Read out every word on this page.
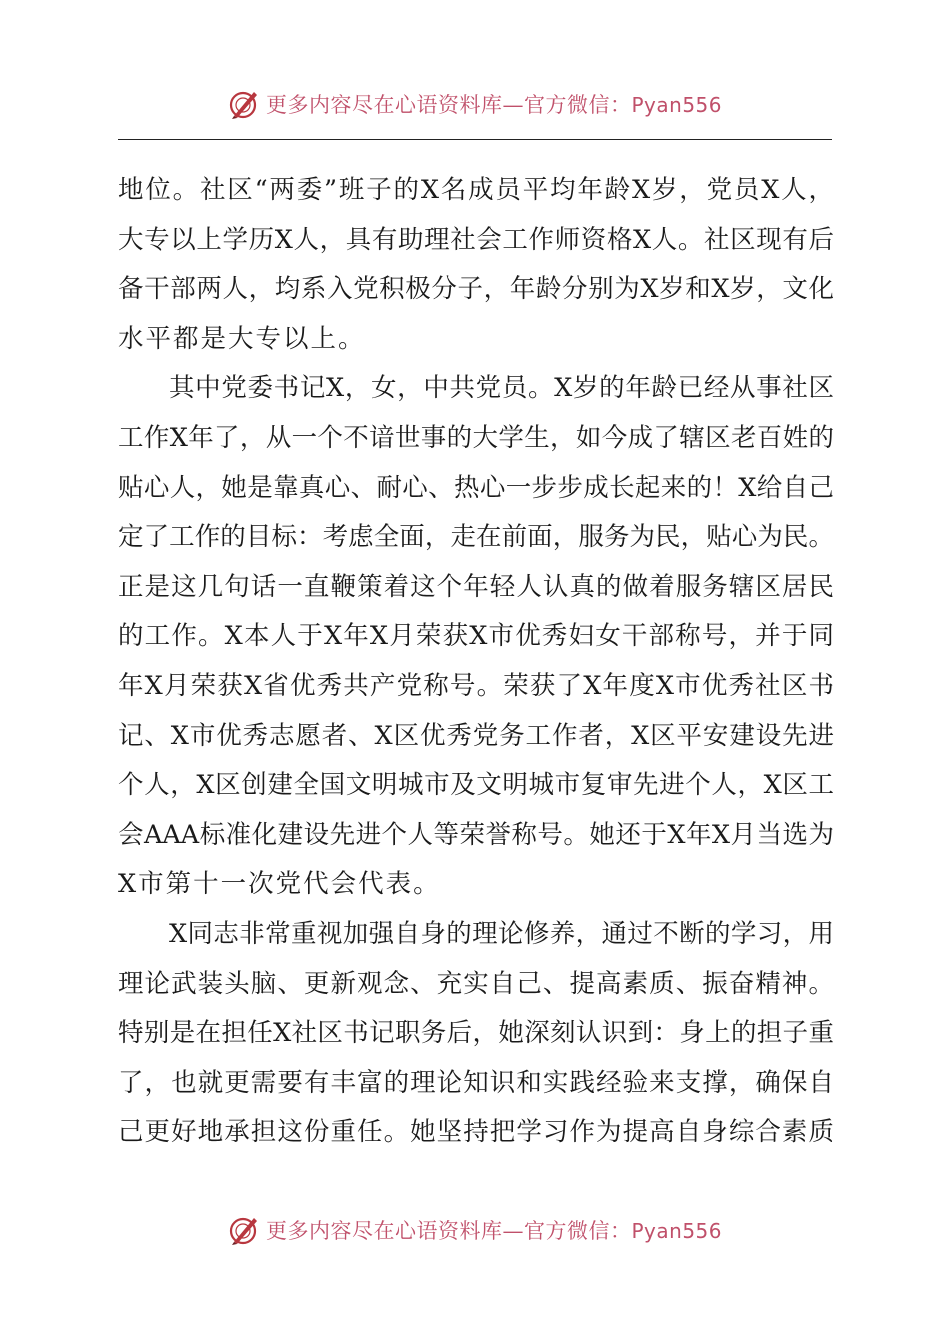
更多内容尽在心语资料库—官方微信：Pyan556
地位。社区“两委”班子的X名成员平均年龄X岁，党员X人，
大专以上学历X人，具有助理社会工作师资格X人。社区现有后
备干部两人，均系入党积极分子，年龄分别为X岁和X岁，文化
水平都是大专以上。
其中党委书记X，女，中共党员。X岁的年龄已经从事社区
工作X年了，从一个不谙世事的大学生，如今成了辖区老百姓的
贴心人，她是靠真心、耐心、热心一步步成长起来的！X给自己
定了工作的目标：考虑全面，走在前面，服务为民，贴心为民。
正是这几句话一直鞭策着这个年轻人认真的做着服务辖区居民
的工作。X本人于X年X月荣获X市优秀妇女干部称号，并于同
年X月荣获X省优秀共产党称号。荣获了X年度X市优秀社区书
记、X市优秀志愿者、X区优秀党务工作者，X区平安建设先进
个人，X区创建全国文明城市及文明城市复审先进个人，X区工
会AAA标准化建设先进个人等荣誉称号。她还于X年X月当选为
X市第十一次党代会代表。
X同志非常重视加强自身的理论修养，通过不断的学习，用
理论武装头脑、更新观念、充实自己、提高素质、振奋精神。
特别是在担任X社区书记职务后，她深刻认识到：身上的担子重
了，也就更需要有丰富的理论知识和实践经验来支撑，确保自
己更好地承担这份重任。她坚持把学习作为提高自身综合素质
更多内容尽在心语资料库—官方微信：Pyan556
